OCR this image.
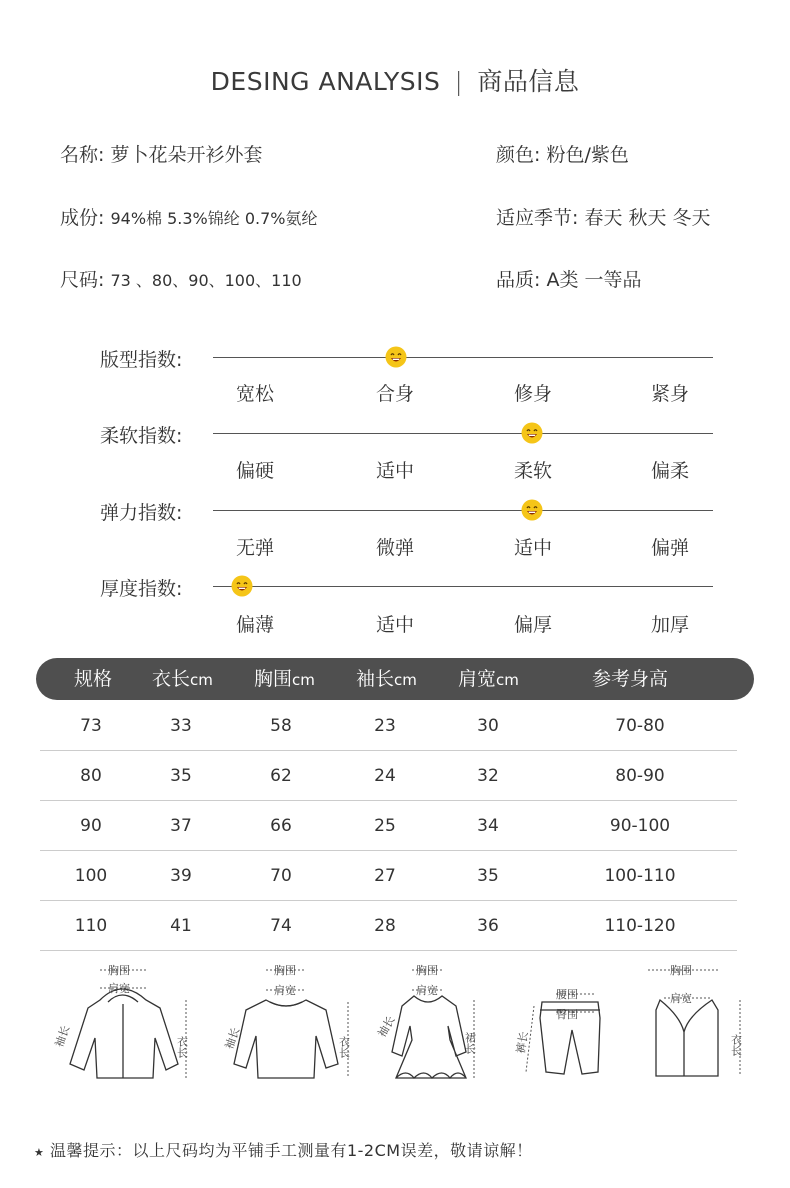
DESING ANALYSIS | 商品信息
名称: 萝卜花朵开衫外套	颜色: 粉色/紫色
成份: 94%棉 5.3%锦纶 0.7%氨纶	适应季节: 春天 秋天 冬天
尺码: 73 、80、90、100、110	品质: A类 一等品
版型指数:
宽松	合身	修身	紧身
柔软指数:
偏硬	适中	柔软	偏柔
弹力指数:
无弹	微弹	适中	偏弹
厚度指数:
偏薄	适中	偏厚	加厚
规格 衣长cm 胸围cm 袖长cm 肩宽cm	参考身高
73	33	58	23	30	70-80
80	35	62	24	32	80-90
90	37	66	25	34	90-100
100	39	70	27	35	100-110
110	41	74	28	36	110-120
胸围
肩宽
袖长	衣长
胸围
肩宽
袖长	衣长
胸围
肩宽
袖长
裙长
腰围
臀围
裤长
胸围
肩宽
衣长
★ 温馨提示：以上尺码均为平铺手工测量有1-2CM误差，敬请谅解！
